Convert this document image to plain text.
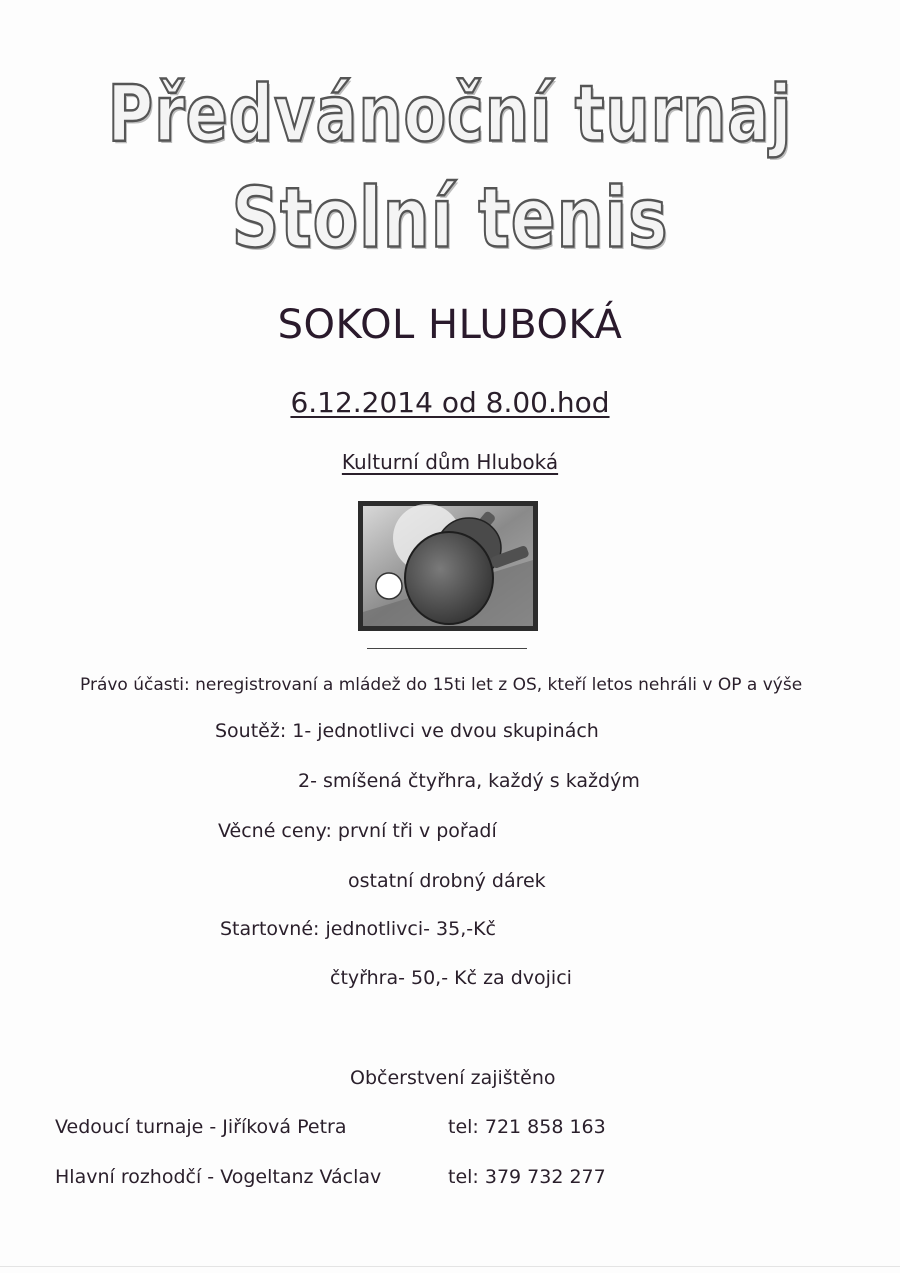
Předvánoční turnaj
Stolní tenis
SOKOL HLUBOKÁ
6.12.2014 od 8.00.hod
Kulturní dům Hluboká
Právo účasti: neregistrovaní a mládež do 15ti let z OS, kteří letos nehráli v OP a výše
Soutěž: 1- jednotlivci ve dvou skupinách
2- smíšená čtyřhra, každý s každým
Věcné ceny: první tři v pořadí
ostatní drobný dárek
Startovné: jednotlivci- 35,-Kč
čtyřhra- 50,- Kč za dvojici
Občerstvení zajištěno
Vedoucí turnaje - Jiříková Petra	tel: 721 858 163
Hlavní rozhodčí - Vogeltanz Václav	tel: 379 732 277
